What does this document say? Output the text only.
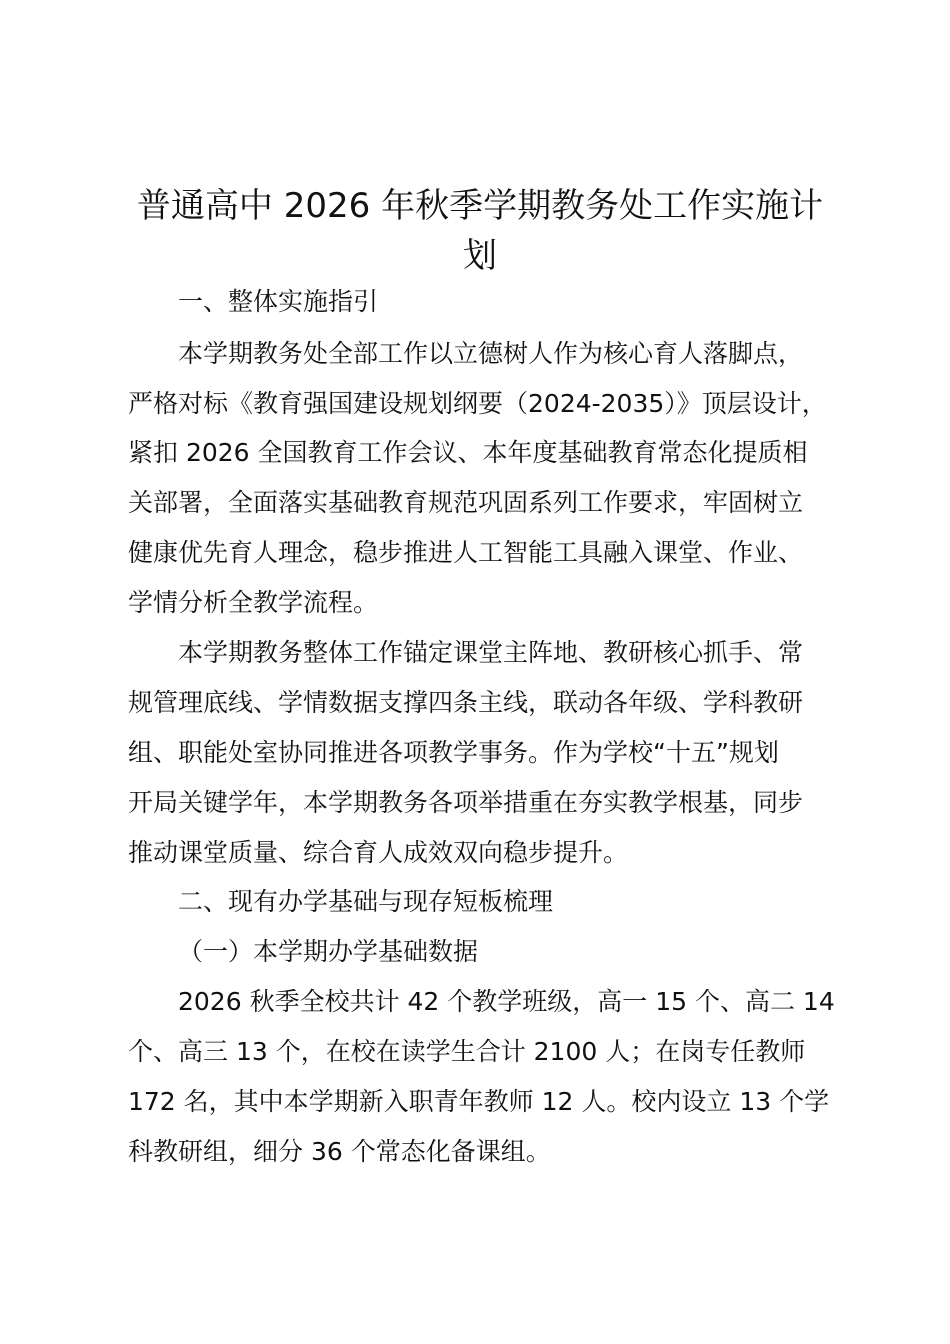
普通高中 2026 年秋季学期教务处工作实施计
划
一、整体实施指引
本学期教务处全部工作以立德树人作为核心育人落脚点，
严格对标《教育强国建设规划纲要（2024-2035）》顶层设计，
紧扣 2026 全国教育工作会议、本年度基础教育常态化提质相
关部署，全面落实基础教育规范巩固系列工作要求，牢固树立
健康优先育人理念，稳步推进人工智能工具融入课堂、作业、
学情分析全教学流程。
本学期教务整体工作锚定课堂主阵地、教研核心抓手、常
规管理底线、学情数据支撑四条主线，联动各年级、学科教研
组、职能处室协同推进各项教学事务。作为学校“十五”规划
开局关键学年，本学期教务各项举措重在夯实教学根基，同步
推动课堂质量、综合育人成效双向稳步提升。
二、现有办学基础与现存短板梳理
（一）本学期办学基础数据
2026 秋季全校共计 42 个教学班级，高一 15 个、高二 14
个、高三 13 个，在校在读学生合计 2100 人；在岗专任教师
172 名，其中本学期新入职青年教师 12 人。校内设立 13 个学
科教研组，细分 36 个常态化备课组。
